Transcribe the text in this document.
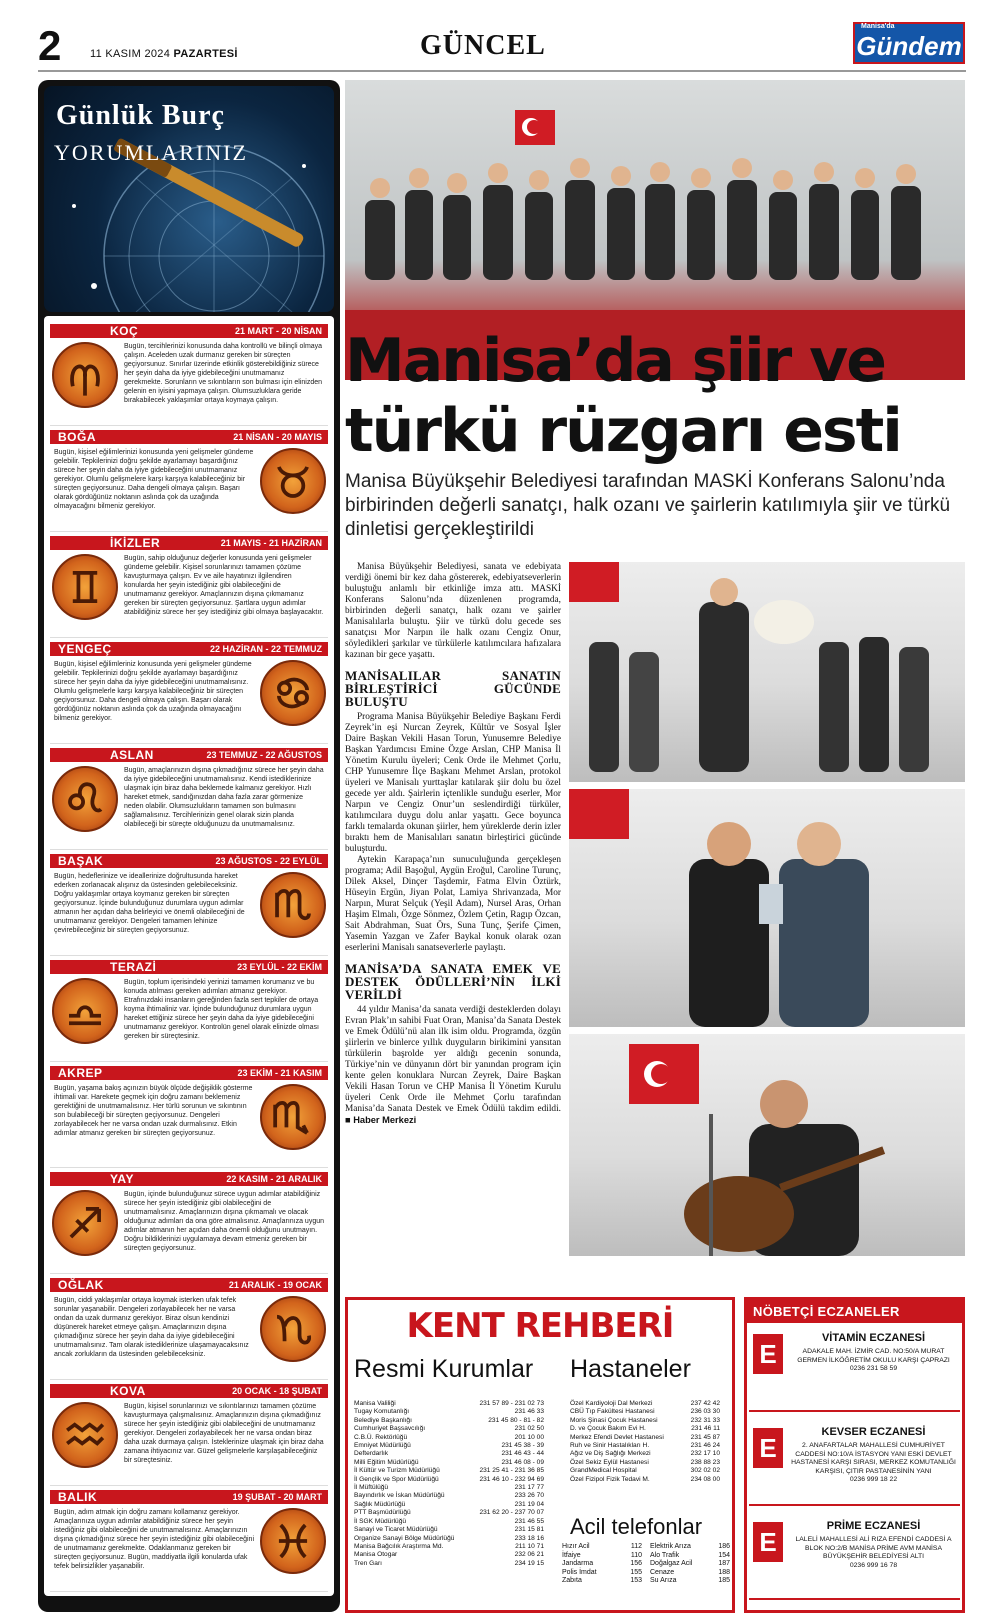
2	11 KASIM 2024 PAZARTESİ	GÜNCEL
Manisa'da
Gündem
Günlük Burç
YORUMLARINIZ
KOÇ	21 MART - 20 NİSAN
Bugün, tercihlerinizi konusunda daha kontrollü ve bilinçli olmaya çalışın. Aceleden uzak durmanız gereken bir süreçten geçiyorsunuz. Sınırlar üzerinde etkinlik gösterebildiğiniz sürece her şeyin daha da iyiye gidebileceğini unutmamanız gerekmekte. Sorunların ve sıkıntıların son bulması için elinizden gelenin en iyisini yapmaya çalışın. Olumsuzluklara geride bırakabilecek yaklaşımlar ortaya koymaya çalışın.
BOĞA	21 NİSAN - 20 MAYIS
Bugün, kişisel eğilimlerinizi konusunda yeni gelişmeler gündeme gelebilir. Tepkilerinizi doğru şekilde ayarlamayı başardığınız sürece her şeyin daha da iyiye gidebileceğini unutmamanız gerekiyor. Olumlu gelişmelere karşı karşıya kalabileceğiniz bir süreçten geçiyorsunuz. Daha dengeli olmaya çalışın. Başarı olarak gördüğünüz noktanın aslında çok da uzağında olmayacağını bilmeniz gerekiyor.
İKİZLER	21 MAYIS - 21 HAZİRAN
Bugün, sahip olduğunuz değerler konusunda yeni gelişmeler gündeme gelebilir. Kişisel sorunlarınızı tamamen çözüme kavuşturmaya çalışın. Ev ve aile hayatınızı ilgilendiren konularda her şeyin istediğiniz gibi olabileceğini de unutmamanız gerekiyor. Amaçlarınızın dışına çıkmamanız gereken bir süreçten geçiyorsunuz. Şartlara uygun adımlar atabildiğiniz sürece her şey istediğiniz gibi olmaya başlayacaktır.
YENGEÇ	22 HAZİRAN - 22 TEMMUZ
Bugün, kişisel eğilimleriniz konusunda yeni gelişmeler gündeme gelebilir. Tepkilerinizi doğru şekilde ayarlamayı başardığınız sürece her şeyin daha da iyiye gidebileceğini unutmamalısınız. Olumlu gelişmelerle karşı karşıya kalabileceğiniz bir süreçten geçiyorsunuz. Daha dengeli olmaya çalışın. Başarı olarak gördüğünüz noktanın aslında çok da uzağında olmayacağını bilmeniz gerekiyor.
ASLAN	23 TEMMUZ - 22 AĞUSTOS
Bugün, amaçlarınızın dışına çıkmadığınız sürece her şeyin daha da iyiye gidebileceğini unutmamalısınız. Kendi istediklerinize ulaşmak için biraz daha beklemede kalmanız gerekiyor. Hızlı hareket etmek, sandığınızdan daha fazla zarar görmenize neden olabilir. Olumsuzlukların tamamen son bulmasını sağlamalısınız. Tercihlerinizin genel olarak sizin planda olabileceği bir süreçte olduğunuzu da unutmamalısınız.
BAŞAK	23 AĞUSTOS - 22 EYLÜL
Bugün, hedeflerinize ve ideallerinize doğrultusunda hareket ederken zorlanacak alışınız da üstesinden gelebileceksiniz. Doğru yaklaşımlar ortaya koymanız gereken bir süreçten geçiyorsunuz. İçinde bulunduğunuz durumlara uygun adımlar atmanın her açıdan daha belirleyici ve önemli olabileceğini de unutmamanız gerekiyor. Dengeleri tamamen lehinize çevirebileceğiniz bir süreçten geçiyorsunuz.
TERAZİ	23 EYLÜL - 22 EKİM
Bugün, toplum içerisindeki yerinizi tamamen korumanız ve bu konuda atılması gereken adımları atmanız gerekiyor. Etrafınızdaki insanların gereğinden fazla sert tepkiler de ortaya koyma ihtimaliniz var. İçinde bulunduğunuz durumlara uygun hareket ettiğiniz sürece her şeyin daha da iyiye gidebileceğini unutmamanız gerekiyor. Kontrolün genel olarak elinizde olması gereken bir süreçtesiniz.
AKREP	23 EKİM - 21 KASIM
Bugün, yaşama bakış açınızın büyük ölçüde değişiklik gösterme ihtimali var. Harekete geçmek için doğru zamanı beklemeniz gerektiğini de unutmamalısınız. Her türlü sorunun ve sıkıntının son bulabileceği bir süreçten geçiyorsunuz. Dengeleri zorlayabilecek her ne varsa ondan uzak durmalısınız. Etkin adımlar atmanız gereken bir süreçten geçiyorsunuz.
YAY	22 KASIM - 21 ARALIK
Bugün, içinde bulunduğunuz sürece uygun adımlar atabildiğiniz sürece her şeyin istediğiniz gibi olabileceğini de unutmamalısınız. Amaçlarınızın dışına çıkmamalı ve olacak olduğunuz adımları da ona göre atmalısınız. Amaçlarınıza uygun adımlar atmanın her açıdan daha önemli olduğunu unutmayın. Doğru bildiklerinizi uygulamaya devam etmeniz gereken bir süreçten geçiyorsunuz.
OĞLAK	21 ARALIK - 19 OCAK
Bugün, ciddi yaklaşımlar ortaya koymak isterken ufak tefek sorunlar yaşanabilir. Dengeleri zorlayabilecek her ne varsa ondan da uzak durmanız gerekiyor. Biraz olsun kendinizi düşünerek hareket etmeye çalışın. Amaçlarınızın dışına çıkmadığınız sürece her şeyin daha da iyiye gidebileceğini unutmamalısınız. Tam olarak istediklerinize ulaşamayacaksınız ancak zorlukların da üstesinden gelebileceksiniz.
KOVA	20 OCAK - 18 ŞUBAT
Bugün, kişisel sorunlarınızı ve sıkıntılarınızı tamamen çözüme kavuşturmaya çalışmalısınız. Amaçlarınızın dışına çıkmadığınız sürece her şeyin istediğiniz gibi olabileceğini de unutmamanız gerekiyor. Dengeleri zorlayabilecek her ne varsa ondan biraz daha uzak durmaya çalışın. İsteklerinize ulaşmak için biraz daha zamana ihtiyacınız var. Güzel gelişmelerle karşılaşabileceğiniz bir süreçtesiniz.
BALIK	19 ŞUBAT - 20 MART
Bugün, adım atmak için doğru zamanı kollamanız gerekiyor. Amaçlarınıza uygun adımlar atabildiğiniz sürece her şeyin istediğiniz gibi olabileceğini de unutmamalısınız. Amaçlarınızın dışına çıkmadığınız sürece her şeyin istediğiniz gibi olabileceğini de unutmamanız gerekmekte. Odaklanmanız gereken bir süreçten geçiyorsunuz. Bugün, maddiyatla ilgili konularda ufak tefek belirsizlikler yaşanabilir.
Manisa’da şiir ve türkü rüzgarı esti
Manisa Büyükşehir Belediyesi tarafından MASKİ Konferans Salonu’nda birbirinden değerli sanatçı, halk ozanı ve şairlerin katılımıyla şiir ve türkü dinletisi gerçekleştirildi

Manisa Büyükşehir Belediyesi, sanata ve edebiyata verdiği önemi bir kez daha göstererek, edebiyatseverlerin buluştuğu anlamlı bir etkinliğe imza attı. MASKİ Konferans Salonu’nda düzenlenen programda, birbirinden değerli sanatçı, halk ozanı ve şairler Manisalılarla buluştu. Şiir ve türkü dolu gecede ses sanatçısı Mor Narpın ile halk ozanı Cengiz Onur, söyledikleri şarkılar ve türkülerle katılımcılara hafızalara kazınan bir gece yaşattı.

MANİSALILAR SANATIN BİRLEŞTİRİCİ GÜCÜNDE BULUŞTU

Programa Manisa Büyükşehir Belediye Başkanı Ferdi Zeyrek’in eşi Nurcan Zeyrek, Kültür ve Sosyal İşler Daire Başkan Vekili Hasan Torun, Yunusemre Belediye Başkan Yardımcısı Emine Özge Arslan, CHP Manisa İl Yönetim Kurulu üyeleri; Cenk Orde ile Mehmet Çorlu, CHP Yunusemre İlçe Başkanı Mehmet Arslan, protokol üyeleri ve Manisalı yurttaşlar katılarak şiir dolu bu özel gecede yer aldı. Şairlerin içtenlikle sunduğu eserler, Mor Narpın ve Cengiz Onur’un seslendirdiği türküler, katılımcılara duygu dolu anlar yaşattı. Gece boyunca farklı temalarda okunan şiirler, hem yüreklerde derin izler bıraktı hem de Manisalıları sanatın birleştirici gücünde buluşturdu.

Aytekin Karapaça’nın sunuculuğunda gerçekleşen programa; Adil Başoğul, Aygün Eroğul, Caroline Turunç, Dilek Aksel, Dinçer Taşdemir, Fatma Elvin Öztürk, Hüseyin Ergün, Jiyan Polat, Lamiya Shrivanzada, Mor Narpın, Murat Selçuk (Yeşil Adam), Nursel Aras, Orhan Haşim Elmalı, Özge Sönmez, Özlem Çetin, Ragıp Özcan, Sait Abdrahman, Suat Örs, Suna Tunç, Şerife Çimen, Yasemin Yazgan ve Zafer Baykal konuk olarak ozan eserlerini Manisalı sanatseverlerle paylaştı.

MANİSA’DA SANATA EMEK VE DESTEK ÖDÜLLERİ’NİN İLKİ VERİLDİ

44 yıldır Manisa’da sanata verdiği desteklerden dolayı Evran Plak’ın sahibi Fuat Oran, Manisa’da Sanata Destek ve Emek Ödülü’nü alan ilk isim oldu. Programda, özgün şiirlerin ve binlerce yıllık duyguların birikimini yansıtan türkülerin başrolde yer aldığı gecenin sonunda, Türkiye’nin ve dünyanın dört bir yanından program için kente gelen konuklara Nurcan Zeyrek, Daire Başkan Vekili Hasan Torun ve CHP Manisa İl Yönetim Kurulu üyeleri Cenk Orde ile Mehmet Çorlu tarafından Manisa’da Sanata Destek ve Emek Ödülü takdim edildi. ■ Haber Merkezi

KENT REHBERİ
Resmi Kurumlar Hastaneler
Manisa Valiliği	231 57 89 - 231 02 73
Tugay Komutanlığı	231 46 33
Belediye Başkanlığı	231 45 80 - 81 - 82
Cumhuriyet Başsavcılığı	231 02 50
C.B.Ü. Rektörlüğü	201 10 00
Emniyet Müdürlüğü	231 45 38 - 39
Defterdarlık	231 46 43 - 44
Milli Eğitim Müdürlüğü	231 46 08 - 09
İl Kültür ve Turizm Müdürlüğü	231 25 41 - 231 36 85
İl Gençlik ve Spor Müdürlüğü	231 46 10 - 232 94 69
İl Müftülüğü	231 17 77
Bayındırlık ve İskan Müdürlüğü	233 26 70
Sağlık Müdürlüğü	231 19 04
PTT Başmüdürlüğü	231 62 20 - 237 70 07
İl SGK Müdürlüğü	231 46 55
Sanayi ve Ticaret Müdürlüğü	231 15 81
Organize Sanayi Bölge Müdürlüğü	233 18 16
Manisa Bağcılık Araştırma Md.	211 10 71
Manisa Otogar	232 06 21
Tren Garı	234 19 15
Özel Kardiyoloji Dal Merkezi	237 42 42
CBÜ Tıp Fakültesi Hastanesi	236 03 30
Moris Şinasi Çocuk Hastanesi	232 31 33
D. ve Çocuk Bakım Evi H.	231 46 11
Merkez Efendi Devlet Hastanesi	231 45 87
Ruh ve Sinir Hastalıkları H.	231 46 24
Ağız ve Diş Sağlığı Merkezi	232 17 10
Özel Sekiz Eylül Hastanesi	238 88 23
GrandMedical Hospital	302 02 02
Özel Fizipol Fizik Tedavi M.	234 08 00
Acil telefonlar
Hızır Acil	112
İtfaiye	110
Jandarma	156
Polis İmdat	155
Zabıta	153
Elektrik Arıza	186
Alo Trafik	154
Doğalgaz Acil	187
Cenaze	188
Su Arıza	185
NÖBETÇİ ECZANELER
E
VİTAMİN ECZANESİ
ADAKALE MAH. İZMİR CAD. NO:50/A MURAT GERMEN İLKÖĞRETİM OKULU KARŞI ÇAPRAZI
0236 231 58 59
E
KEVSER ECZANESİ
2. ANAFARTALAR MAHALLESİ CUMHURİYET CADDESİ NO:10/A İSTASYON YANI ESKİ DEVLET HASTANESİ KARŞI SIRASI, MERKEZ KOMUTANLIĞI KARŞISI, ÇITIR PASTANESİNİN YANI
0236 999 18 22
E
PRİME ECZANESİ
LALELİ MAHALLESİ ALİ RIZA EFENDİ CADDESİ A BLOK NO:2/B MANİSA PRİME AVM MANİSA BÜYÜKŞEHİR BELEDİYESİ ALTI
0236 999 16 78
